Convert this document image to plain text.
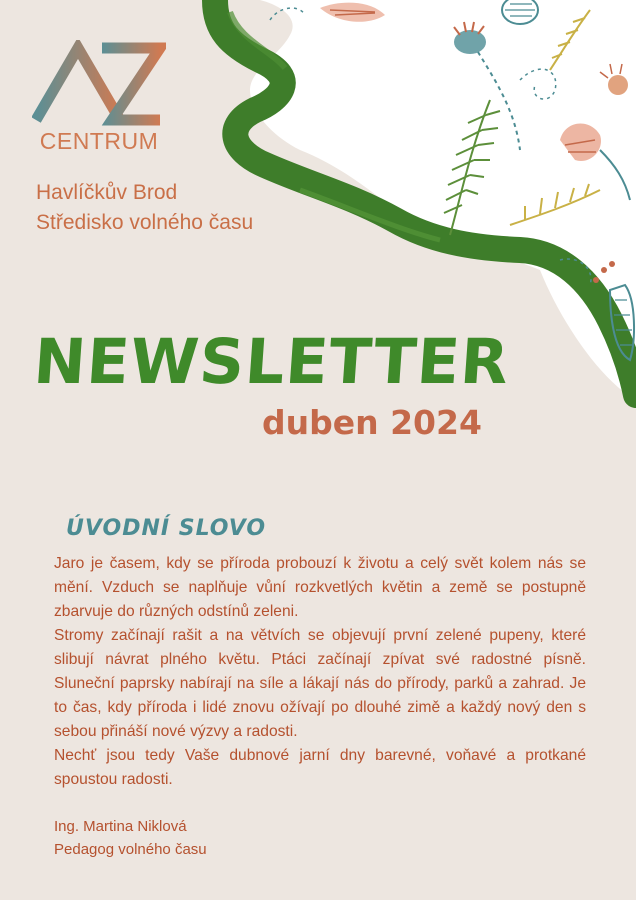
CENTRUM
Havlíčkův Brod
Středisko volného času
NEWSLETTER
duben 2024
ÚVODNÍ SLOVO

Jaro je časem, kdy se příroda probouzí k životu a celý svět kolem nás se mění. Vzduch se naplňuje vůní rozkvetlých květin a země se postupně zbarvuje do různých odstínů zeleni.

Stromy začínají rašit a na větvích se objevují první zelené pupeny, které slibují návrat plného květu. Ptáci začínají zpívat své radostné písně. Sluneční paprsky nabírají na síle a lákají nás do přírody, parků a zahrad. Je to čas, kdy příroda i lidé znovu ožívají po dlouhé zimě a každý nový den s sebou přináší nové výzvy a radosti.

Nechť jsou tedy Vaše dubnové jarní dny barevné, voňavé a protkané spoustou radosti.

Ing. Martina Niklová
Pedagog volného času
